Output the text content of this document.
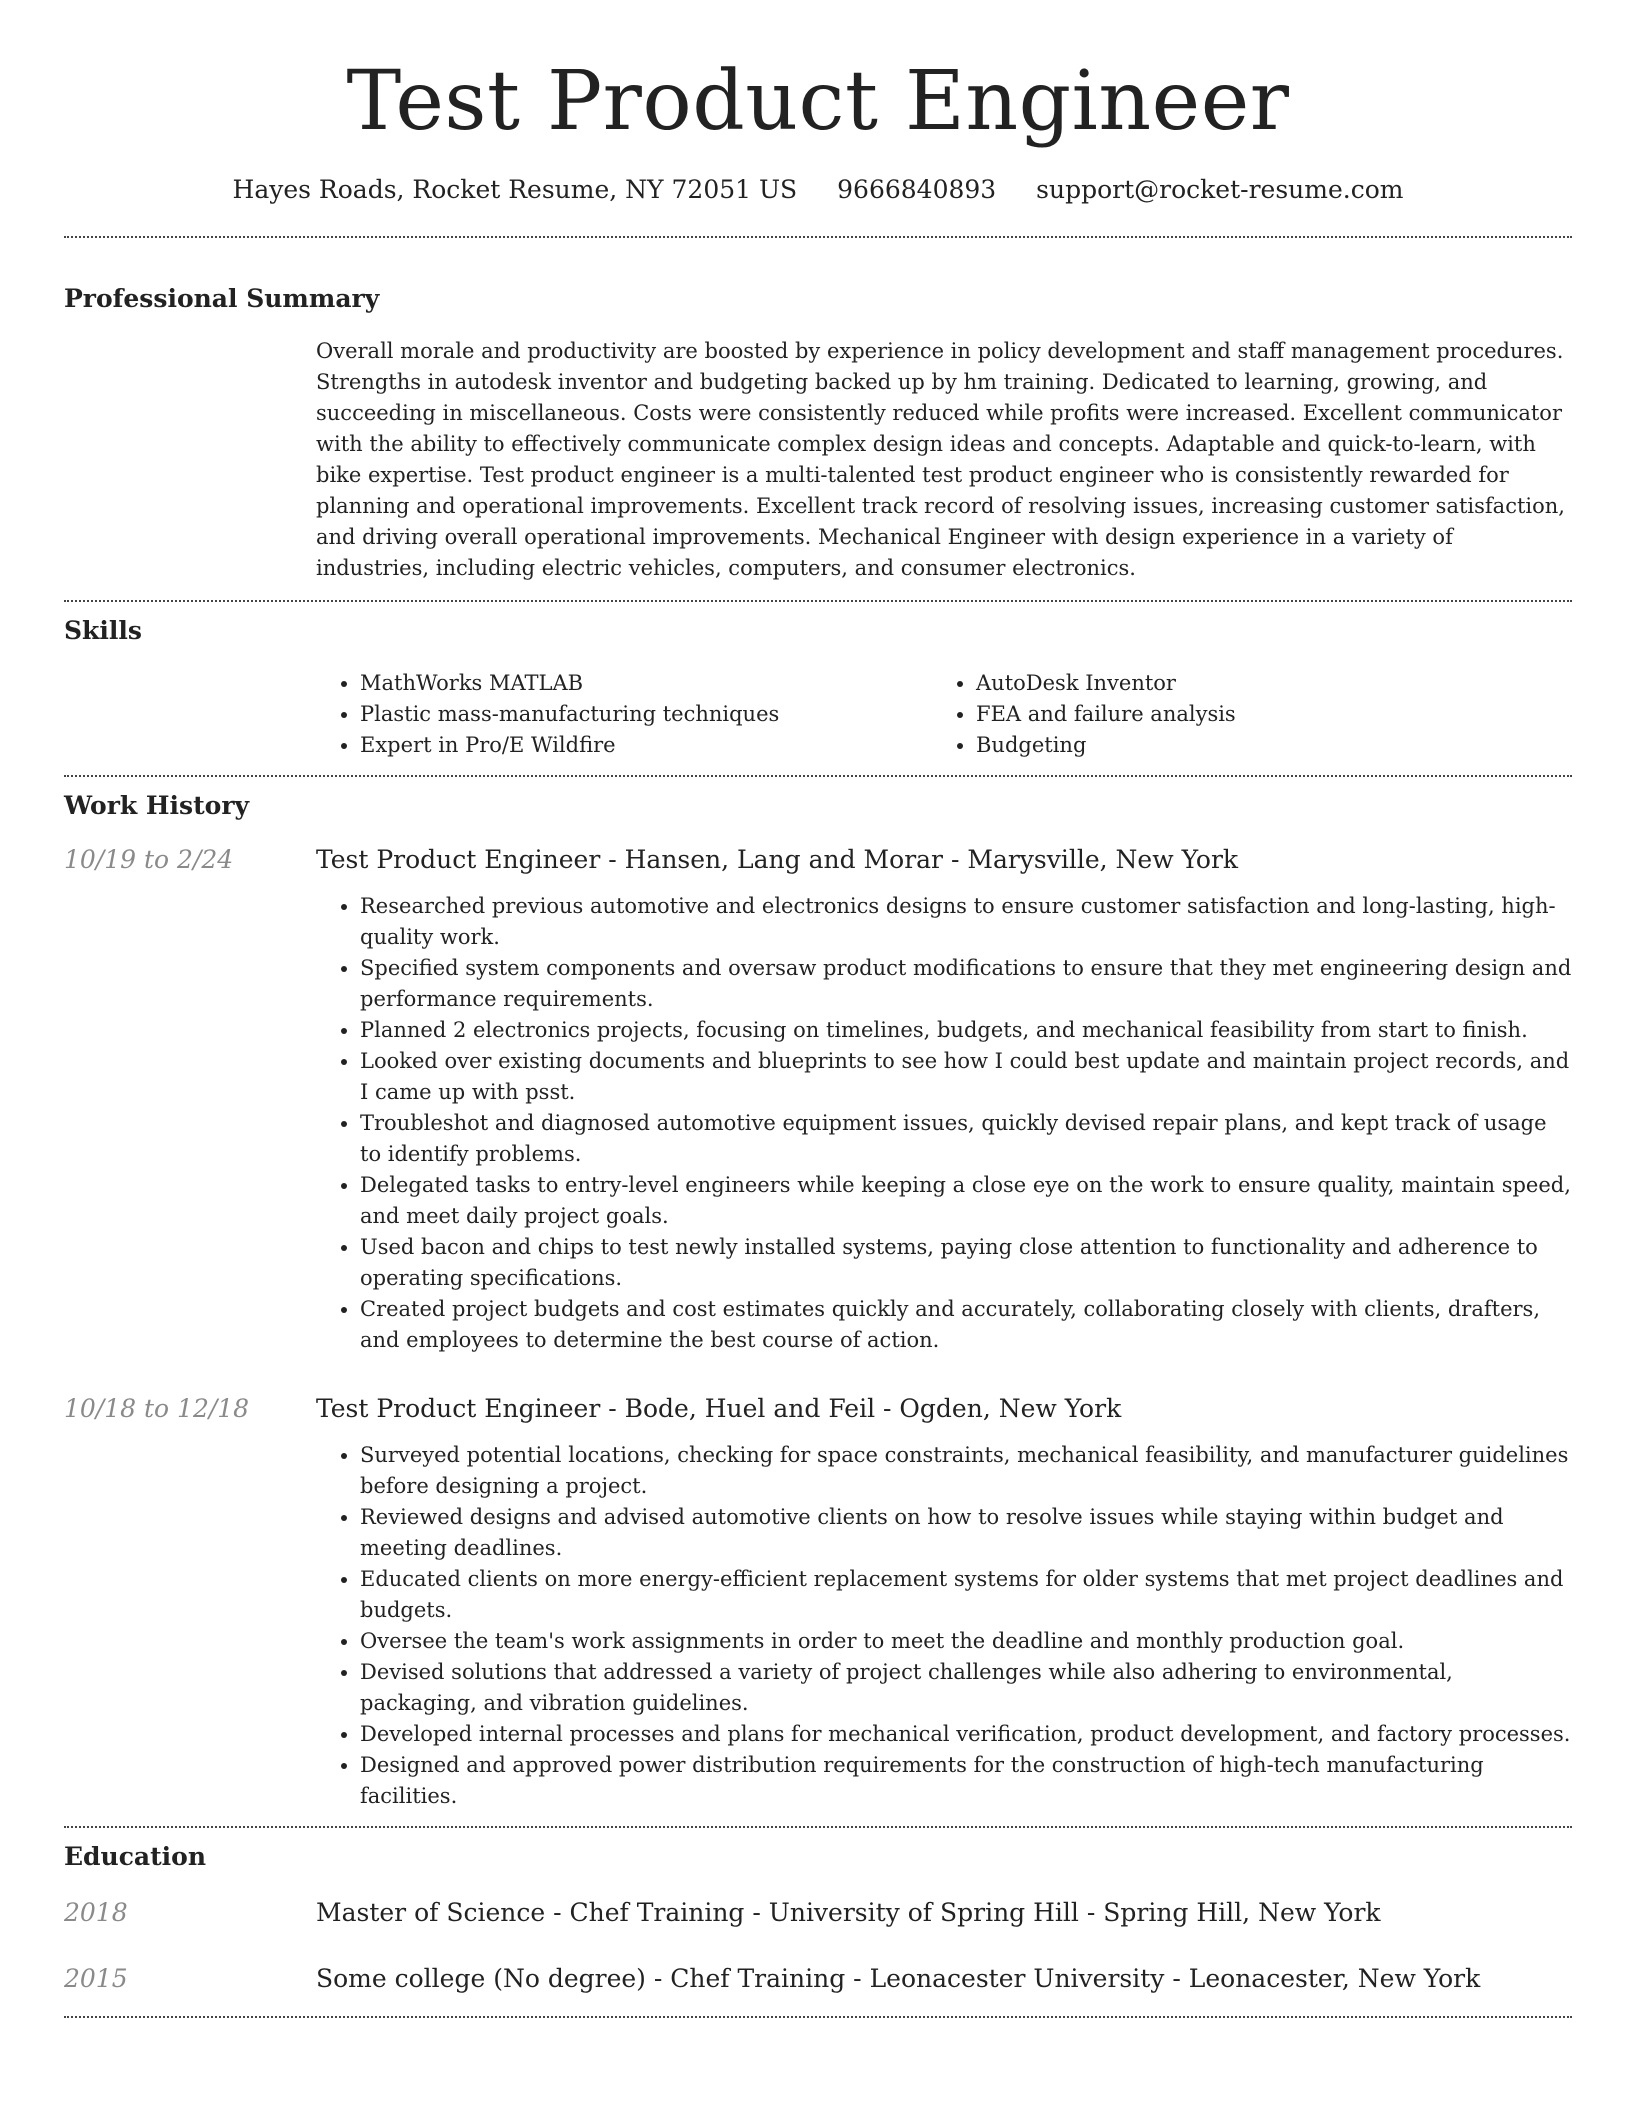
Test Product Engineer
Hayes Roads, Rocket Resume, NY 72051 US 9666840893 support@rocket-resume.com
Professional Summary
Overall morale and productivity are boosted by experience in policy development and staff management procedures. Strengths in autodesk inventor and budgeting backed up by hm training. Dedicated to learning, growing, and succeeding in miscellaneous. Costs were consistently reduced while profits were increased. Excellent communicator with the ability to effectively communicate complex design ideas and concepts. Adaptable and quick-to-learn, with bike expertise. Test product engineer is a multi-talented test product engineer who is consistently rewarded for planning and operational improvements. Excellent track record of resolving issues, increasing customer satisfaction, and driving overall operational improvements. Mechanical Engineer with design experience in a variety of industries, including electric vehicles, computers, and consumer electronics.
Skills
• MathWorks MATLAB
• Plastic mass-manufacturing techniques
• Expert in Pro/E Wildfire
• AutoDesk Inventor
• FEA and failure analysis
• Budgeting
Work History
10/19 to 2/24	Test Product Engineer - Hansen, Lang and Morar - Marysville, New York
• Researched previous automotive and electronics designs to ensure customer satisfaction and long-lasting, high-quality work.
• Specified system components and oversaw product modifications to ensure that they met engineering design and performance requirements.
• Planned 2 electronics projects, focusing on timelines, budgets, and mechanical feasibility from start to finish.
• Looked over existing documents and blueprints to see how I could best update and maintain project records, and I came up with psst.
• Troubleshot and diagnosed automotive equipment issues, quickly devised repair plans, and kept track of usage to identify problems.
• Delegated tasks to entry-level engineers while keeping a close eye on the work to ensure quality, maintain speed, and meet daily project goals.
• Used bacon and chips to test newly installed systems, paying close attention to functionality and adherence to operating specifications.
• Created project budgets and cost estimates quickly and accurately, collaborating closely with clients, drafters, and employees to determine the best course of action.
10/18 to 12/18	Test Product Engineer - Bode, Huel and Feil - Ogden, New York
• Surveyed potential locations, checking for space constraints, mechanical feasibility, and manufacturer guidelines before designing a project.
• Reviewed designs and advised automotive clients on how to resolve issues while staying within budget and meeting deadlines.
• Educated clients on more energy-efficient replacement systems for older systems that met project deadlines and budgets.
• Oversee the team's work assignments in order to meet the deadline and monthly production goal.
• Devised solutions that addressed a variety of project challenges while also adhering to environmental, packaging, and vibration guidelines.
• Developed internal processes and plans for mechanical verification, product development, and factory processes.
• Designed and approved power distribution requirements for the construction of high-tech manufacturing facilities.
Education
2018	Master of Science - Chef Training - University of Spring Hill - Spring Hill, New York
2015	Some college (No degree) - Chef Training - Leonacester University - Leonacester, New York
